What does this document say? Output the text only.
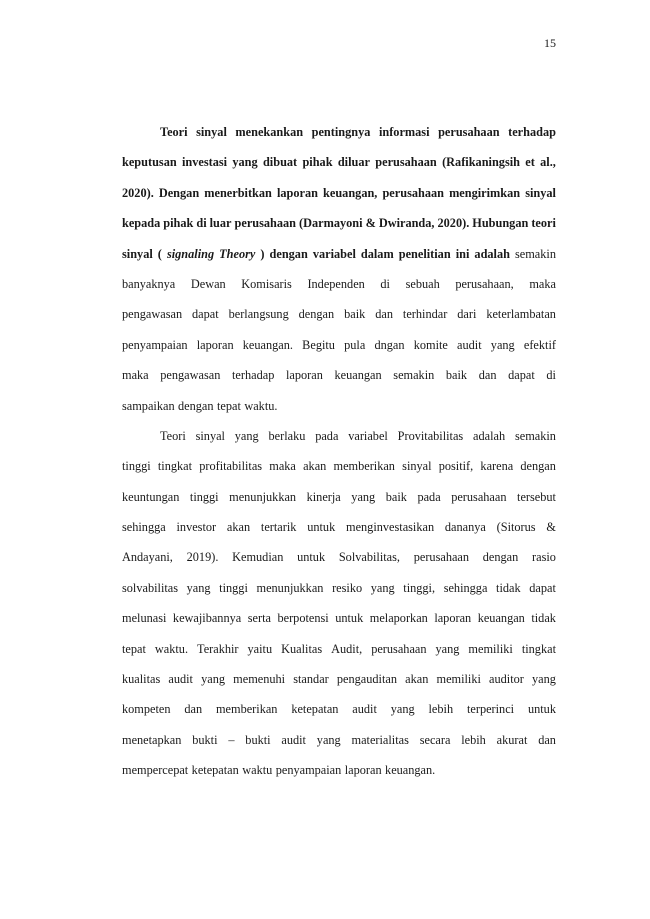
15
Teori sinyal menekankan pentingnya informasi perusahaan terhadap
keputusan investasi yang dibuat pihak diluar perusahaan (Rafikaningsih et al.,
2020). Dengan menerbitkan laporan keuangan, perusahaan mengirimkan sinyal
kepada pihak di luar perusahaan (Darmayoni & Dwiranda, 2020). Hubungan teori
sinyal ( signaling Theory ) dengan variabel dalam penelitian ini adalah semakin
banyaknya Dewan Komisaris Independen di sebuah perusahaan, maka
pengawasan dapat berlangsung dengan baik dan terhindar dari keterlambatan
penyampaian laporan keuangan. Begitu pula dngan komite audit yang efektif
maka pengawasan terhadap laporan keuangan semakin baik dan dapat di
sampaikan dengan tepat waktu.
Teori sinyal yang berlaku pada variabel Provitabilitas adalah semakin
tinggi tingkat profitabilitas maka akan memberikan sinyal positif, karena dengan
keuntungan tinggi menunjukkan kinerja yang baik pada perusahaan tersebut
sehingga investor akan tertarik untuk menginvestasikan dananya (Sitorus &
Andayani, 2019). Kemudian untuk Solvabilitas, perusahaan dengan rasio
solvabilitas yang tinggi menunjukkan resiko yang tinggi, sehingga tidak dapat
melunasi kewajibannya serta berpotensi untuk melaporkan laporan keuangan tidak
tepat waktu. Terakhir yaitu Kualitas Audit, perusahaan yang memiliki tingkat
kualitas audit yang memenuhi standar pengauditan akan memiliki auditor yang
kompeten dan memberikan ketepatan audit yang lebih terperinci untuk
menetapkan bukti – bukti audit yang materialitas secara lebih akurat dan
mempercepat ketepatan waktu penyampaian laporan keuangan.
